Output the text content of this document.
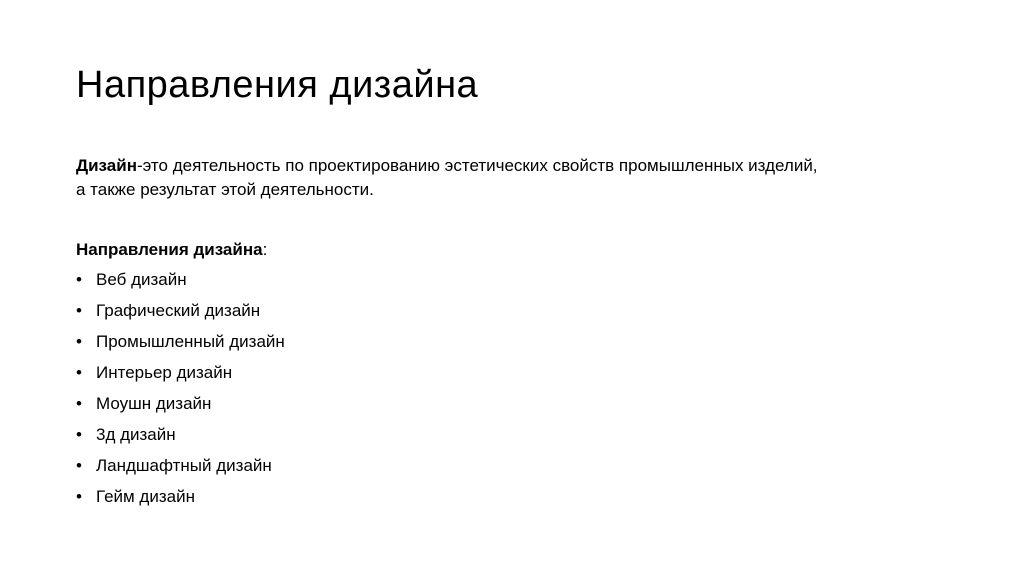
Направления дизайна

Дизайн-это деятельность по проектированию эстетических свойств промышленных изделий,
а также результат этой деятельности.

Направления дизайна:

• Веб дизайн
• Графический дизайн
• Промышленный дизайн
• Интерьер дизайн
• Моушн дизайн
• 3д дизайн
• Ландшафтный дизайн
• Гейм дизайн
